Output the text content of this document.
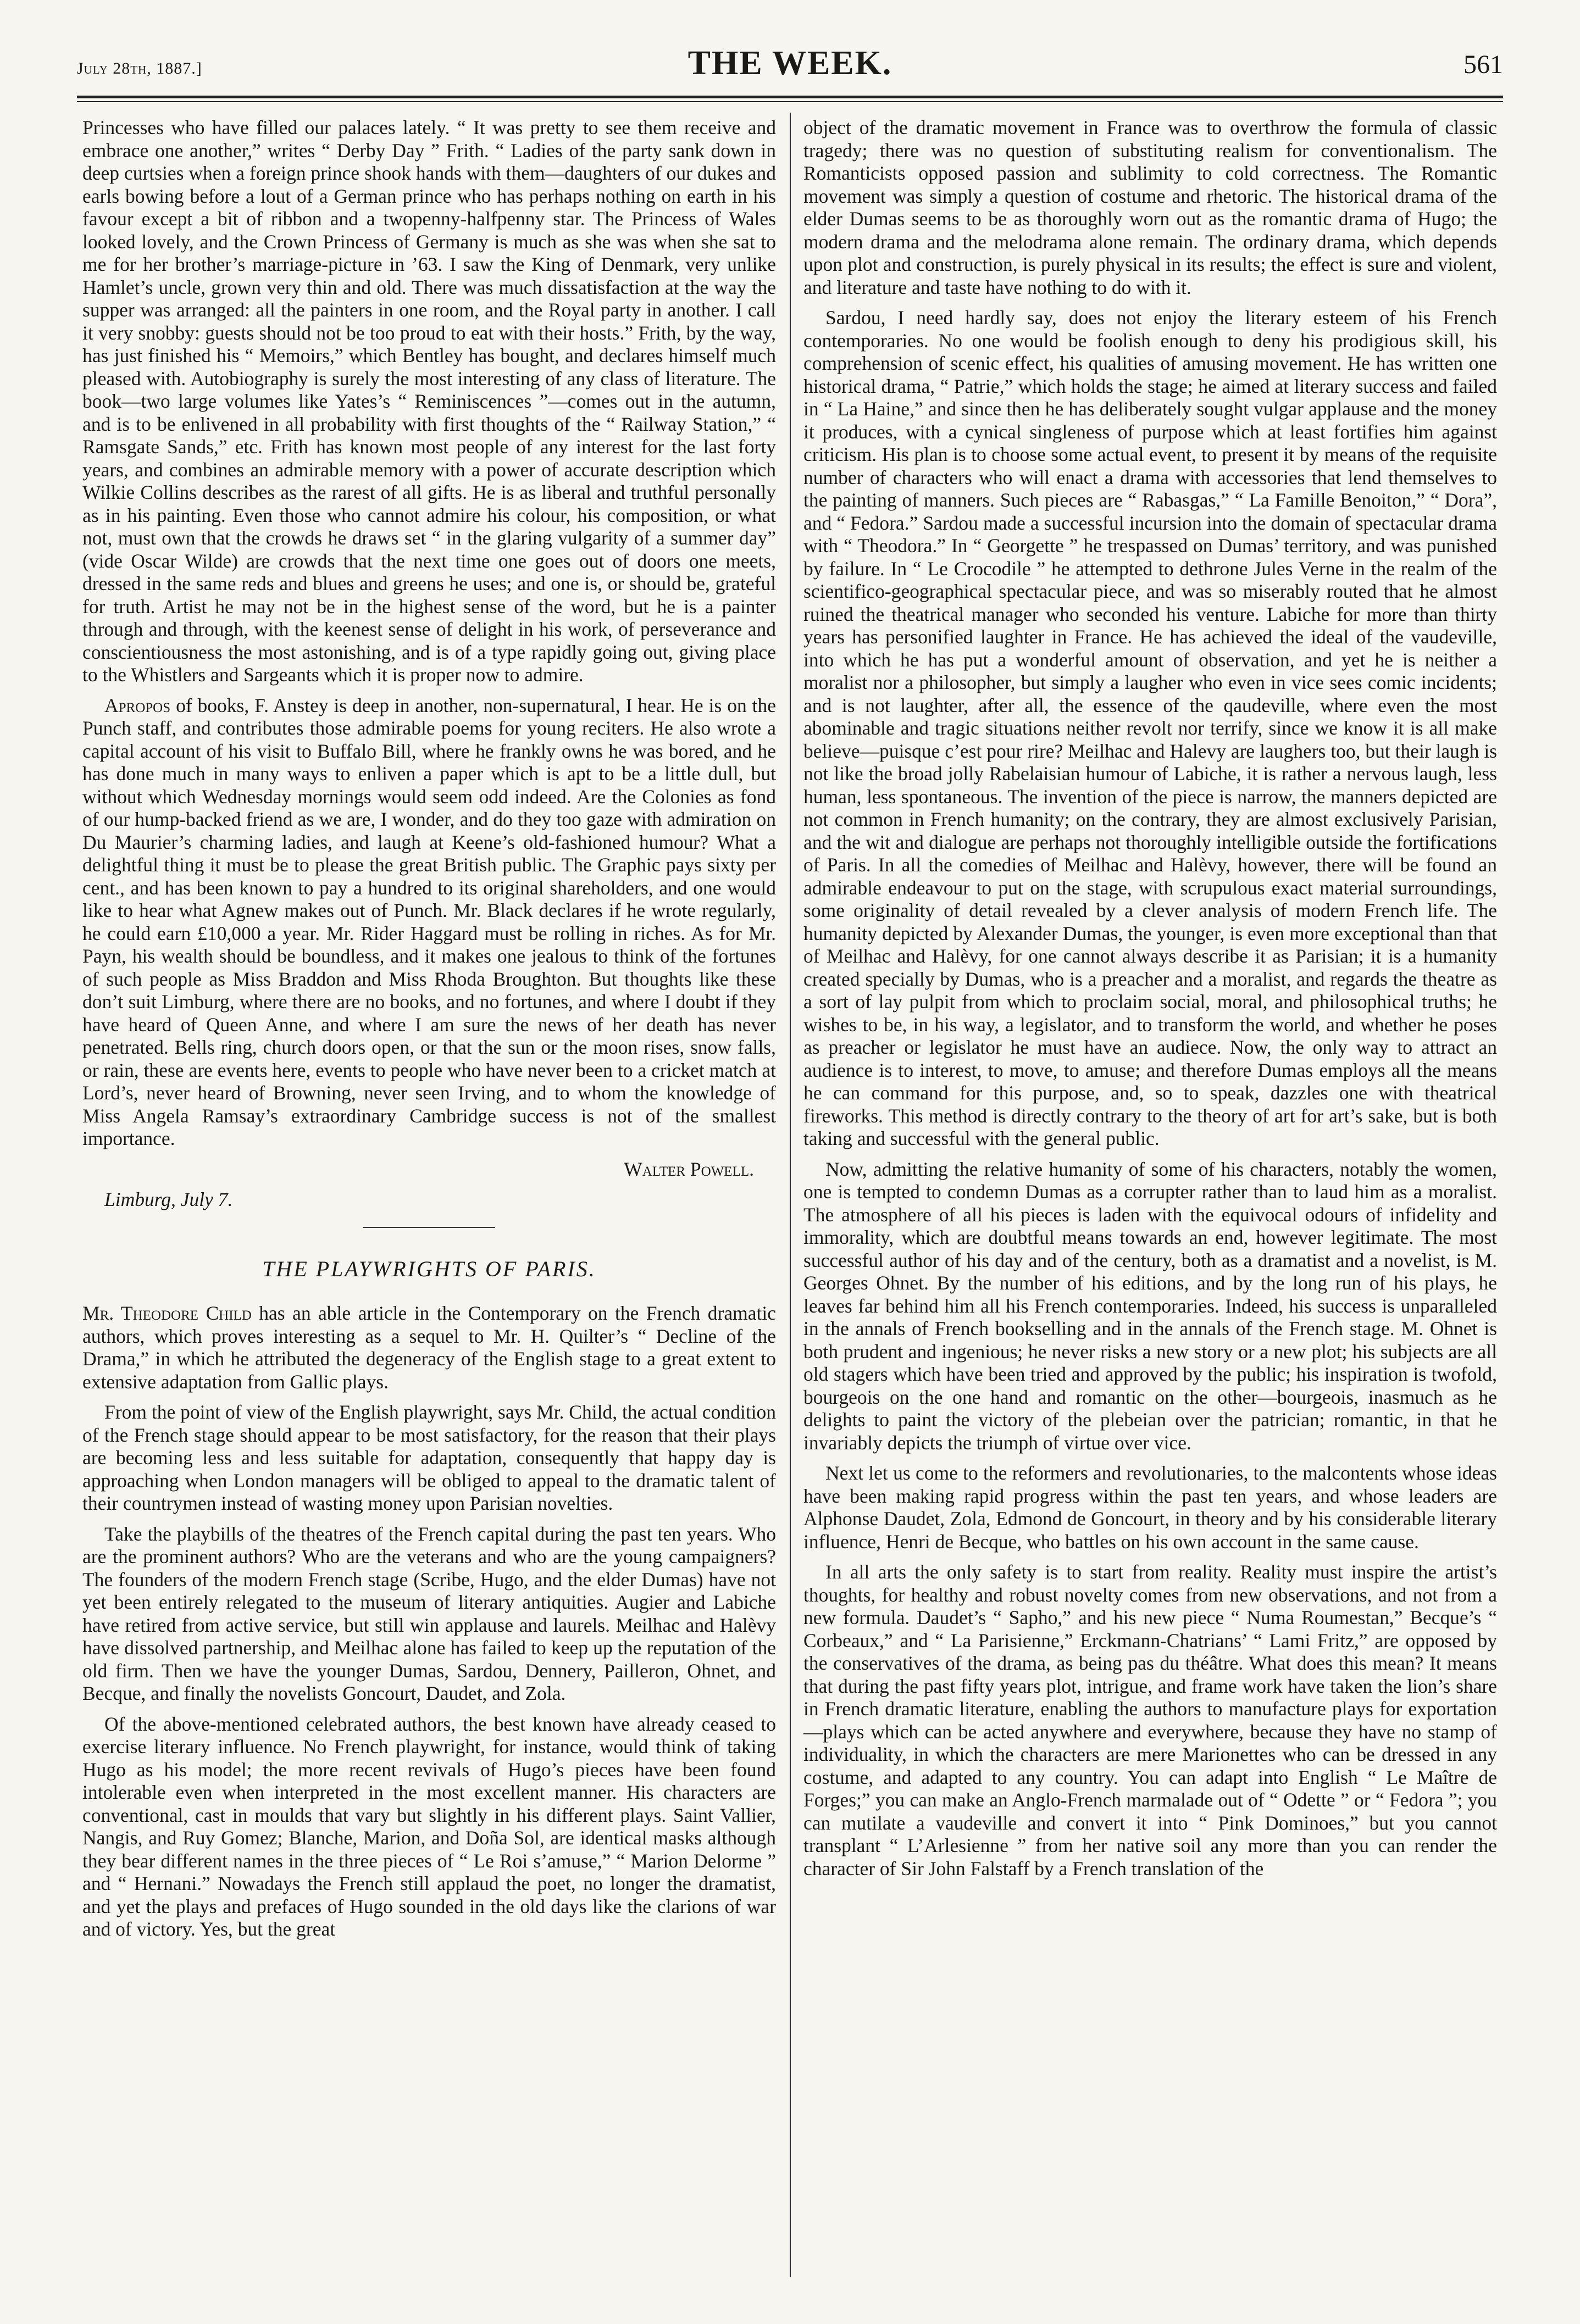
July 28th, 1887.]	THE WEEK.	561

Princesses who have filled our palaces lately. “ It was pretty to see them receive and embrace one another,” writes “ Derby Day ” Frith. “ Ladies of the party sank down in deep curtsies when a foreign prince shook hands with them—daughters of our dukes and earls bowing before a lout of a German prince who has perhaps nothing on earth in his favour except a bit of ribbon and a twopenny-halfpenny star. The Princess of Wales looked lovely, and the Crown Princess of Germany is much as she was when she sat to me for her brother’s marriage-picture in ’63. I saw the King of Denmark, very unlike Hamlet’s uncle, grown very thin and old. There was much dissatisfaction at the way the supper was arranged: all the painters in one room, and the Royal party in another. I call it very snobby: guests should not be too proud to eat with their hosts.” Frith, by the way, has just finished his “ Memoirs,” which Bentley has bought, and declares himself much pleased with. Autobiography is surely the most interesting of any class of literature. The book—two large volumes like Yates’s “ Reminiscences ”—comes out in the autumn, and is to be enlivened in all probability with first thoughts of the “ Railway Station,” “ Ramsgate Sands,” etc. Frith has known most people of any interest for the last forty years, and combines an admirable memory with a power of accurate description which Wilkie Collins describes as the rarest of all gifts. He is as liberal and truthful personally as in his painting. Even those who cannot admire his colour, his composition, or what not, must own that the crowds he draws set “ in the glaring vulgarity of a summer day” (vide Oscar Wilde) are crowds that the next time one goes out of doors one meets, dressed in the same reds and blues and greens he uses; and one is, or should be, grateful for truth. Artist he may not be in the highest sense of the word, but he is a painter through and through, with the keenest sense of delight in his work, of perseverance and conscientiousness the most astonishing, and is of a type rapidly going out, giving place to the Whistlers and Sargeants which it is proper now to admire.

Apropos of books, F. Anstey is deep in another, non-supernatural, I hear. He is on the Punch staff, and contributes those admirable poems for young reciters. He also wrote a capital account of his visit to Buffalo Bill, where he frankly owns he was bored, and he has done much in many ways to enliven a paper which is apt to be a little dull, but without which Wednesday mornings would seem odd indeed. Are the Colonies as fond of our hump-backed friend as we are, I wonder, and do they too gaze with admiration on Du Maurier’s charming ladies, and laugh at Keene’s old-fashioned humour? What a delightful thing it must be to please the great British public. The Graphic pays sixty per cent., and has been known to pay a hundred to its original shareholders, and one would like to hear what Agnew makes out of Punch. Mr. Black declares if he wrote regularly, he could earn £10,000 a year. Mr. Rider Haggard must be rolling in riches. As for Mr. Payn, his wealth should be boundless, and it makes one jealous to think of the fortunes of such people as Miss Braddon and Miss Rhoda Broughton. But thoughts like these don’t suit Limburg, where there are no books, and no fortunes, and where I doubt if they have heard of Queen Anne, and where I am sure the news of her death has never penetrated. Bells ring, church doors open, or that the sun or the moon rises, snow falls, or rain, these are events here, events to people who have never been to a cricket match at Lord’s, never heard of Browning, never seen Irving, and to whom the knowledge of Miss Angela Ramsay’s extraordinary Cambridge success is not of the smallest importance.

Walter Powell.

Limburg, July 7.

THE PLAYWRIGHTS OF PARIS.

Mr. Theodore Child has an able article in the Contemporary on the French dramatic authors, which proves interesting as a sequel to Mr. H. Quilter’s “ Decline of the Drama,” in which he attributed the degeneracy of the English stage to a great extent to extensive adaptation from Gallic plays.

From the point of view of the English playwright, says Mr. Child, the actual condition of the French stage should appear to be most satisfactory, for the reason that their plays are becoming less and less suitable for adaptation, consequently that happy day is approaching when London managers will be obliged to appeal to the dramatic talent of their countrymen instead of wasting money upon Parisian novelties.

Take the playbills of the theatres of the French capital during the past ten years. Who are the prominent authors? Who are the veterans and who are the young campaigners? The founders of the modern French stage (Scribe, Hugo, and the elder Dumas) have not yet been entirely relegated to the museum of literary antiquities. Augier and Labiche have retired from active service, but still win applause and laurels. Meilhac and Halèvy have dissolved partnership, and Meilhac alone has failed to keep up the reputation of the old firm. Then we have the younger Dumas, Sardou, Dennery, Pailleron, Ohnet, and Becque, and finally the novelists Goncourt, Daudet, and Zola.

Of the above-mentioned celebrated authors, the best known have already ceased to exercise literary influence. No French playwright, for instance, would think of taking Hugo as his model; the more recent revivals of Hugo’s pieces have been found intolerable even when interpreted in the most excellent manner. His characters are conventional, cast in moulds that vary but slightly in his different plays. Saint Vallier, Nangis, and Ruy Gomez; Blanche, Marion, and Doña Sol, are identical masks although they bear different names in the three pieces of “ Le Roi s’amuse,” “ Marion Delorme ” and “ Hernani.” Nowadays the French still applaud the poet, no longer the dramatist, and yet the plays and prefaces of Hugo sounded in the old days like the clarions of war and of victory. Yes, but the great

object of the dramatic movement in France was to overthrow the formula of classic tragedy; there was no question of substituting realism for conventionalism. The Romanticists opposed passion and sublimity to cold correctness. The Romantic movement was simply a question of costume and rhetoric. The historical drama of the elder Dumas seems to be as thoroughly worn out as the romantic drama of Hugo; the modern drama and the melodrama alone remain. The ordinary drama, which depends upon plot and construction, is purely physical in its results; the effect is sure and violent, and literature and taste have nothing to do with it.

Sardou, I need hardly say, does not enjoy the literary esteem of his French contemporaries. No one would be foolish enough to deny his prodigious skill, his comprehension of scenic effect, his qualities of amusing movement. He has written one historical drama, “ Patrie,” which holds the stage; he aimed at literary success and failed in “ La Haine,” and since then he has deliberately sought vulgar applause and the money it produces, with a cynical singleness of purpose which at least fortifies him against criticism. His plan is to choose some actual event, to present it by means of the requisite number of characters who will enact a drama with accessories that lend themselves to the painting of manners. Such pieces are “ Rabasgas,” “ La Famille Benoiton,” “ Dora”, and “ Fedora.” Sardou made a successful incursion into the domain of spectacular drama with “ Theodora.” In “ Georgette ” he trespassed on Dumas’ territory, and was punished by failure. In “ Le Crocodile ” he attempted to dethrone Jules Verne in the realm of the scientifico-geographical spectacular piece, and was so miserably routed that he almost ruined the theatrical manager who seconded his venture. Labiche for more than thirty years has personified laughter in France. He has achieved the ideal of the vaudeville, into which he has put a wonderful amount of observation, and yet he is neither a moralist nor a philosopher, but simply a laugher who even in vice sees comic incidents; and is not laughter, after all, the essence of the qaudeville, where even the most abominable and tragic situations neither revolt nor terrify, since we know it is all make believe—puisque c’est pour rire? Meilhac and Halevy are laughers too, but their laugh is not like the broad jolly Rabelaisian humour of Labiche, it is rather a nervous laugh, less human, less spontaneous. The invention of the piece is narrow, the manners depicted are not common in French humanity; on the contrary, they are almost exclusively Parisian, and the wit and dialogue are perhaps not thoroughly intelligible outside the fortifications of Paris. In all the comedies of Meilhac and Halèvy, however, there will be found an admirable endeavour to put on the stage, with scrupulous exact material surroundings, some originality of detail revealed by a clever analysis of modern French life. The humanity depicted by Alexander Dumas, the younger, is even more exceptional than that of Meilhac and Halèvy, for one cannot always describe it as Parisian; it is a humanity created specially by Dumas, who is a preacher and a moralist, and regards the theatre as a sort of lay pulpit from which to proclaim social, moral, and philosophical truths; he wishes to be, in his way, a legislator, and to transform the world, and whether he poses as preacher or legislator he must have an audiece. Now, the only way to attract an audience is to interest, to move, to amuse; and therefore Dumas employs all the means he can command for this purpose, and, so to speak, dazzles one with theatrical fireworks. This method is directly contrary to the theory of art for art’s sake, but is both taking and successful with the general public.

Now, admitting the relative humanity of some of his characters, notably the women, one is tempted to condemn Dumas as a corrupter rather than to laud him as a moralist. The atmosphere of all his pieces is laden with the equivocal odours of infidelity and immorality, which are doubtful means towards an end, however legitimate. The most successful author of his day and of the century, both as a dramatist and a novelist, is M. Georges Ohnet. By the number of his editions, and by the long run of his plays, he leaves far behind him all his French contemporaries. Indeed, his success is unparalleled in the annals of French bookselling and in the annals of the French stage. M. Ohnet is both prudent and ingenious; he never risks a new story or a new plot; his subjects are all old stagers which have been tried and approved by the public; his inspiration is twofold, bourgeois on the one hand and romantic on the other—bourgeois, inasmuch as he delights to paint the victory of the plebeian over the patrician; romantic, in that he invariably depicts the triumph of virtue over vice.

Next let us come to the reformers and revolutionaries, to the malcontents whose ideas have been making rapid progress within the past ten years, and whose leaders are Alphonse Daudet, Zola, Edmond de Goncourt, in theory and by his considerable literary influence, Henri de Becque, who battles on his own account in the same cause.

In all arts the only safety is to start from reality. Reality must inspire the artist’s thoughts, for healthy and robust novelty comes from new observations, and not from a new formula. Daudet’s “ Sapho,” and his new piece “ Numa Roumestan,” Becque’s “ Corbeaux,” and “ La Parisienne,” Erckmann-Chatrians’ “ Lami Fritz,” are opposed by the conservatives of the drama, as being pas du théâtre. What does this mean? It means that during the past fifty years plot, intrigue, and frame work have taken the lion’s share in French dramatic literature, enabling the authors to manufacture plays for exportation—plays which can be acted anywhere and everywhere, because they have no stamp of individuality, in which the characters are mere Marionettes who can be dressed in any costume, and adapted to any country. You can adapt into English “ Le Maître de Forges;” you can make an Anglo-French marmalade out of “ Odette ” or “ Fedora ”; you can mutilate a vaudeville and convert it into “ Pink Dominoes,” but you cannot transplant “ L’Arlesienne ” from her native soil any more than you can render the character of Sir John Falstaff by a French translation of the
